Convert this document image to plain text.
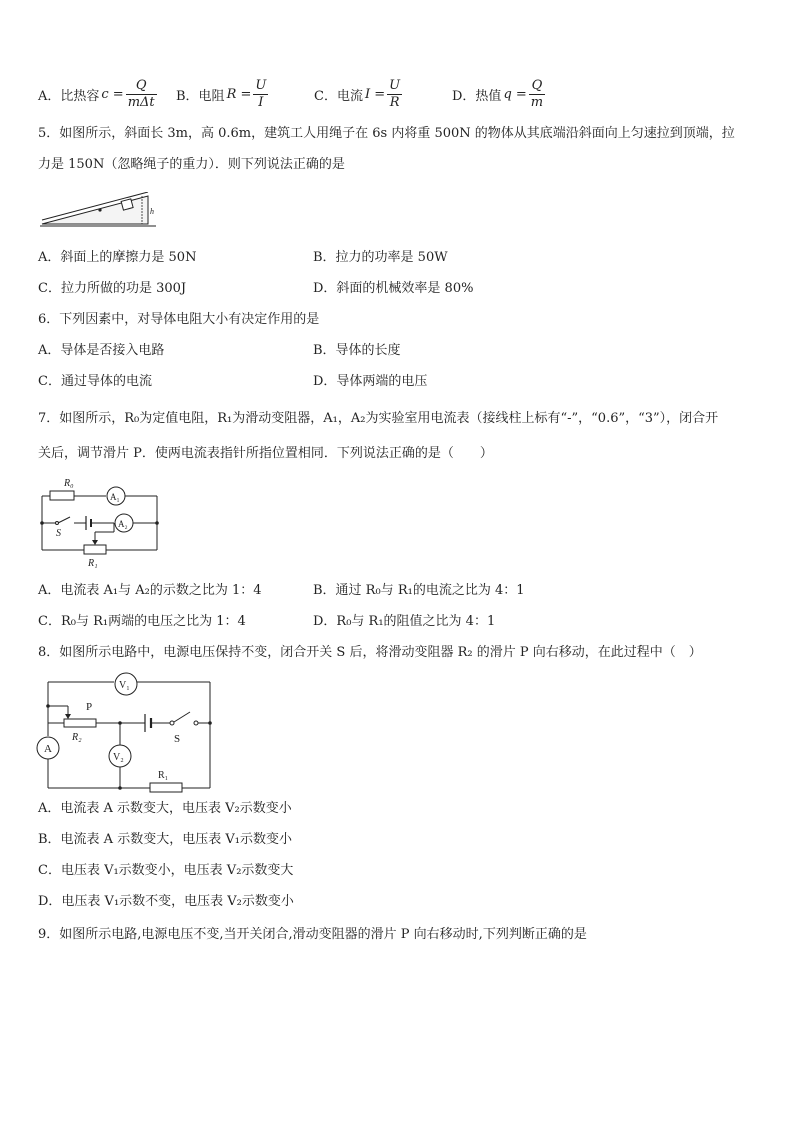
A．比热容 $c = \frac{Q}{\text{mΔt}}$ B．电阻 $R = \frac{U}{I}$	C．电流 $I = \frac{U}{R}$	D．热值 $q = \frac{Q}{m}$
5．如图所示，斜面长 3m，高 0.6m，建筑工人用绳子在 6s 内将重 500N 的物体从其底端沿斜面向上匀速拉到顶端，拉
力是 150N（忽略绳子的重力）．则下列说法正确的是
h
A．斜面上的摩擦力是 50N	B．拉力的功率是 50W
C．拉力所做的功是 300J	D．斜面的机械效率是 80%
6．下列因素中，对导体电阻大小有决定作用的是
A．导体是否接入电路	B．导体的长度
C．通过导体的电流	D．导体两端的电压
7．如图所示，R₀为定值电阻，R₁为滑动变阻器，A₁，A₂为实验室用电流表（接线柱上标有“-”，“0.6”，“3”），闭合开
关后，调节滑片 P．使两电流表指针所指位置相同．下列说法正确的是（　　）
R₀
A₁
A₂
S
R₁
A．电流表 A₁与 A₂的示数之比为 1：4	B．通过 R₀与 R₁的电流之比为 4：1
C．R₀与 R₁两端的电压之比为 1：4	D．R₀与 R₁的阻值之比为 4：1
8．如图所示电路中，电源电压保持不变，闭合开关 S 后，将滑动变阻器 R₂ 的滑片 P 向右移动，在此过程中（　）
V₁
P
R₂	S
A
V₂
R₁
A．电流表 A 示数变大，电压表 V₂示数变小
B．电流表 A 示数变大，电压表 V₁示数变小
C．电压表 V₁示数变小，电压表 V₂示数变大
D．电压表 V₁示数不变，电压表 V₂示数变小
9．如图所示电路,电源电压不变,当开关闭合,滑动变阻器的滑片 P 向右移动时,下列判断正确的是
